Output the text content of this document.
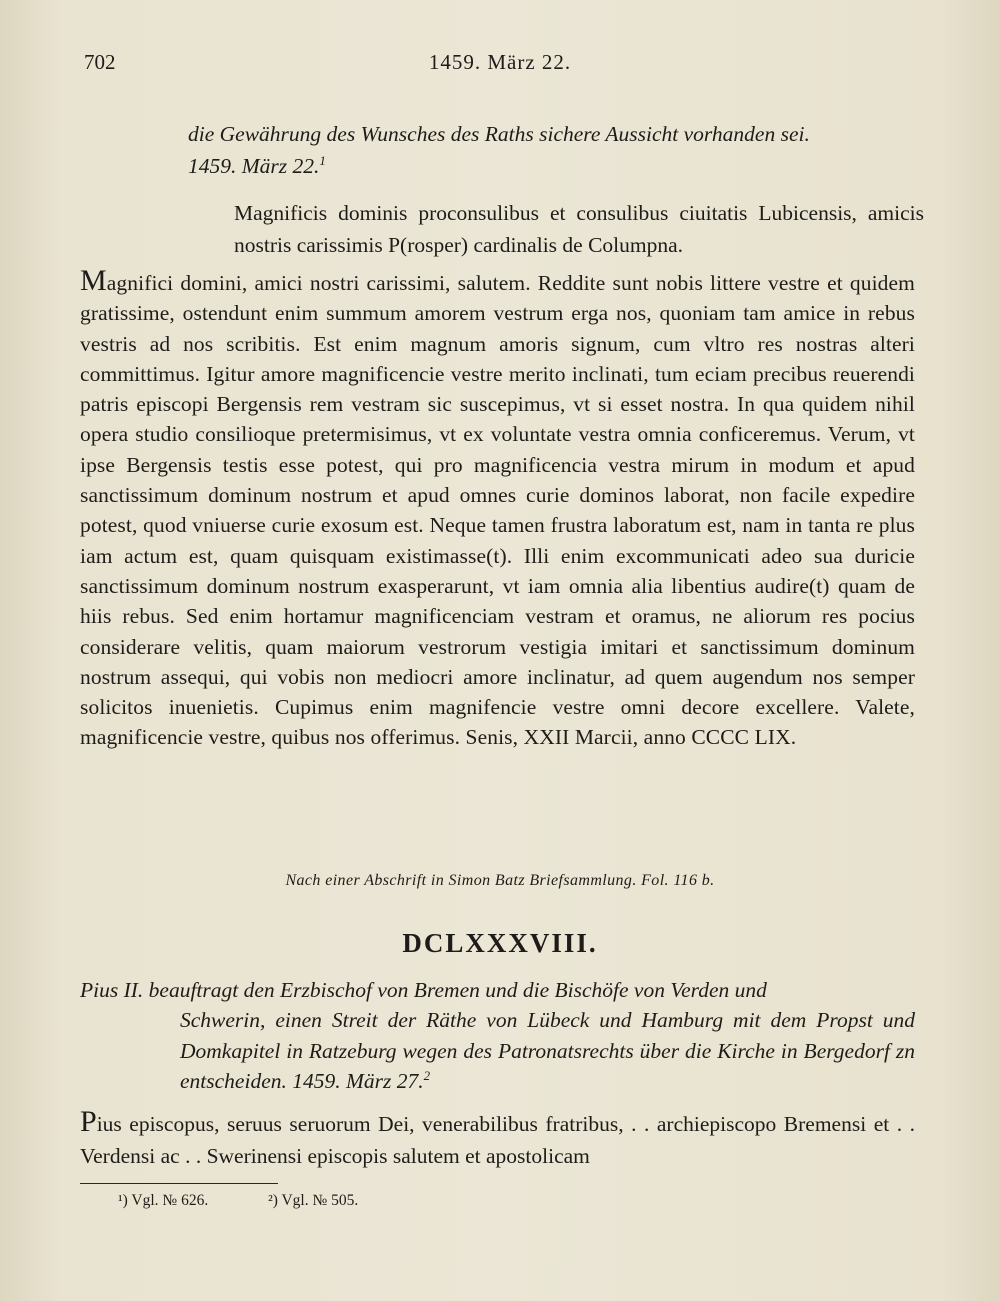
702	1459. März 22.
die Gewährung des Wunsches des Raths sichere Aussicht vorhanden sei.
1459. März 22.$^1$
Magnificis dominis proconsulibus et consulibus ciuitatis Lubicensis, amicis nostris carissimis P(rosper) cardinalis de Columpna.
Magnifici domini, amici nostri carissimi, salutem. Reddite sunt nobis littere vestre et quidem gratissime, ostendunt enim summum amorem vestrum erga nos, quoniam tam amice in rebus vestris ad nos scribitis. Est enim magnum amoris signum, cum vltro res nostras alteri committimus. Igitur amore magnificencie vestre merito inclinati, tum eciam precibus reuerendi patris episcopi Bergensis rem vestram sic suscepimus, vt si esset nostra. In qua quidem nihil opera studio consilioque pretermisimus, vt ex voluntate vestra omnia conficeremus. Verum, vt ipse Bergensis testis esse potest, qui pro magnificencia vestra mirum in modum et apud sanctissimum dominum nostrum et apud omnes curie dominos laborat, non facile expedire potest, quod vniuerse curie exosum est. Neque tamen frustra laboratum est, nam in tanta re plus iam actum est, quam quisquam existimasse(t). Illi enim excommunicati adeo sua duricie sanctissimum dominum nostrum exasperarunt, vt iam omnia alia libentius audire(t) quam de hiis rebus. Sed enim hortamur magnificenciam vestram et oramus, ne aliorum res pocius considerare velitis, quam maiorum vestrorum vestigia imitari et sanctissimum dominum nostrum assequi, qui vobis non mediocri amore inclinatur, ad quem augendum nos semper solicitos inuenietis. Cupimus enim magnifencie vestre omni decore excellere. Valete, magnificencie vestre, quibus nos offerimus. Senis, XXII Marcii, anno CCCC LIX.
Nach einer Abschrift in Simon Batz Briefsammlung. Fol. 116 b.
DCLXXXVIII.
Pius II. beauftragt den Erzbischof von Bremen und die Bischöfe von Verden und
Schwerin, einen Streit der Räthe von Lübeck und Hamburg mit dem Propst und Domkapitel in Ratzeburg wegen des Patronatsrechts über die Kirche in Bergedorf zn entscheiden. 1459. März 27.$^2$
Pius episcopus, seruus seruorum Dei, venerabilibus fratribus, . . archiepiscopo Bremensi et . . Verdensi ac . . Swerinensi episcopis salutem et apostolicam
¹) Vgl. № 626.	²) Vgl. № 505.
